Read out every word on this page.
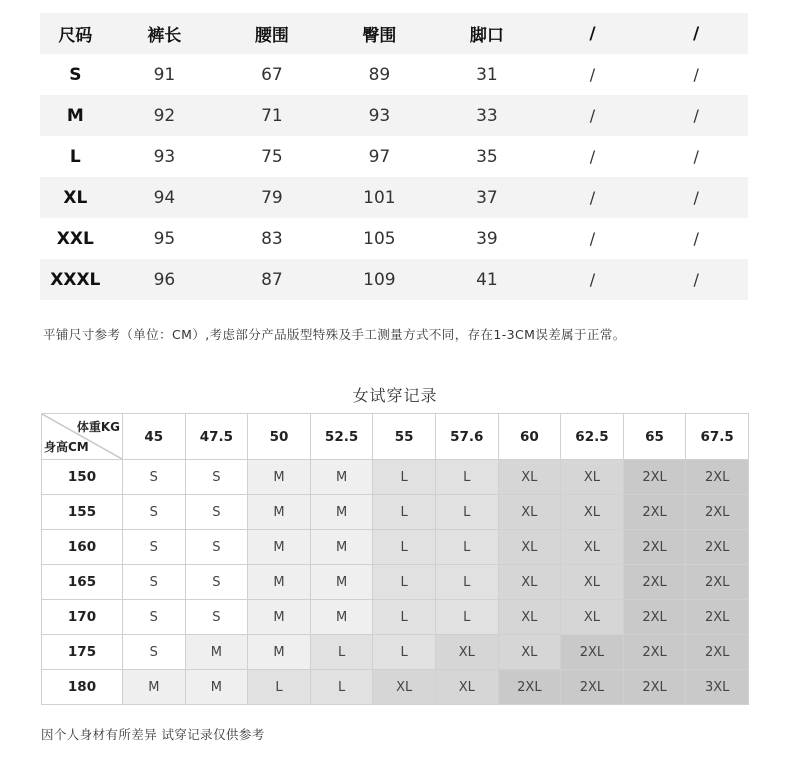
尺码	裤长	腰围	臀围	脚口	/	/
S	91	67	89	31	/	/
M	92	71	93	33	/	/
L	93	75	97	35	/	/
XL	94	79	101	37	/	/
XXL	95	83	105	39	/	/
XXXL	96	87	109	41	/	/
平铺尺寸参考（单位：CM）,考虑部分产品版型特殊及手工测量方式不同，存在1-3CM误差属于正常。
女试穿记录
体重KG
身高CM	45	47.5	50	52.5	55	57.6	60	62.5	65	67.5
150	S	S	M	M	L	L	XL	XL	2XL	2XL
155	S	S	M	M	L	L	XL	XL	2XL	2XL
160	S	S	M	M	L	L	XL	XL	2XL	2XL
165	S	S	M	M	L	L	XL	XL	2XL	2XL
170	S	S	M	M	L	L	XL	XL	2XL	2XL
175	S	M	M	L	L	XL	XL	2XL	2XL	2XL
180	M	M	L	L	XL	XL	2XL	2XL	2XL	3XL
因个人身材有所差异 试穿记录仅供参考
